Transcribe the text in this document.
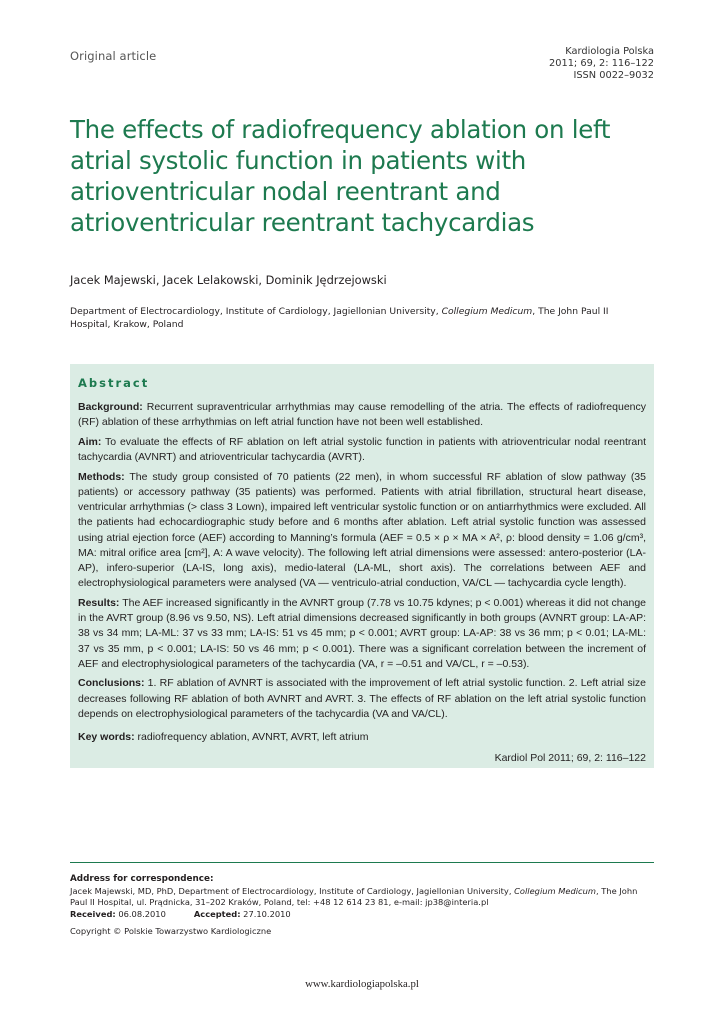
Original article	Kardiologia Polska
2011; 69, 2: 116–122
ISSN 0022–9032
The effects of radiofrequency ablation on left atrial systolic function in patients with atrioventricular nodal reentrant and atrioventricular reentrant tachycardias
Jacek Majewski, Jacek Lelakowski, Dominik Jędrzejowski
Department of Electrocardiology, Institute of Cardiology, Jagiellonian University, Collegium Medicum, The John Paul II Hospital, Krakow, Poland
Abstract

Background: Recurrent supraventricular arrhythmias may cause remodelling of the atria. The effects of radiofrequency (RF) ablation of these arrhythmias on left atrial function have not been well established.

Aim: To evaluate the effects of RF ablation on left atrial systolic function in patients with atrioventricular nodal reentrant tachycardia (AVNRT) and atrioventricular tachycardia (AVRT).

Methods: The study group consisted of 70 patients (22 men), in whom successful RF ablation of slow pathway (35 patients) or accessory pathway (35 patients) was performed. Patients with atrial fibrillation, structural heart disease, ventricular arrhythmias (> class 3 Lown), impaired left ventricular systolic function or on antiarrhythmics were excluded. All the patients had echocardiographic study before and 6 months after ablation. Left atrial systolic function was assessed using atrial ejection force (AEF) according to Manning’s formula (AEF = 0.5 × ρ × MA × A², ρ: blood density = 1.06 g/cm³, MA: mitral orifice area [cm²], A: A wave velocity). The following left atrial dimensions were assessed: antero-posterior (LA-AP), infero-superior (LA-IS, long axis), medio-lateral (LA-ML, short axis). The correlations between AEF and electrophysiological parameters were analysed (VA — ventriculo-atrial conduction, VA/CL — tachycardia cycle length).

Results: The AEF increased significantly in the AVNRT group (7.78 vs 10.75 kdynes; p < 0.001) whereas it did not change in the AVRT group (8.96 vs 9.50, NS). Left atrial dimensions decreased significantly in both groups (AVNRT group: LA-AP: 38 vs 34 mm; LA-ML: 37 vs 33 mm; LA-IS: 51 vs 45 mm; p < 0.001; AVRT group: LA-AP: 38 vs 36 mm; p < 0.01; LA-ML: 37 vs 35 mm, p < 0.001; LA-IS: 50 vs 46 mm; p < 0.001). There was a significant correlation between the increment of AEF and electrophysiological parameters of the tachycardia (VA, r = –0.51 and VA/CL, r = –0.53).

Conclusions: 1. RF ablation of AVNRT is associated with the improvement of left atrial systolic function. 2. Left atrial size decreases following RF ablation of both AVNRT and AVRT. 3. The effects of RF ablation on the left atrial systolic function depends on electrophysiological parameters of the tachycardia (VA and VA/CL).

Key words: radiofrequency ablation, AVNRT, AVRT, left atrium

Kardiol Pol 2011; 69, 2: 116–122
Address for correspondence:
Jacek Majewski, MD, PhD, Department of Electrocardiology, Institute of Cardiology, Jagiellonian University, Collegium Medicum, The John Paul II Hospital, ul. Prądnicka, 31–202 Kraków, Poland, tel: +48 12 614 23 81, e-mail: jp38@interia.pl
Received: 06.08.2010	Accepted: 27.10.2010
Copyright © Polskie Towarzystwo Kardiologiczne
www.kardiologiapolska.pl
